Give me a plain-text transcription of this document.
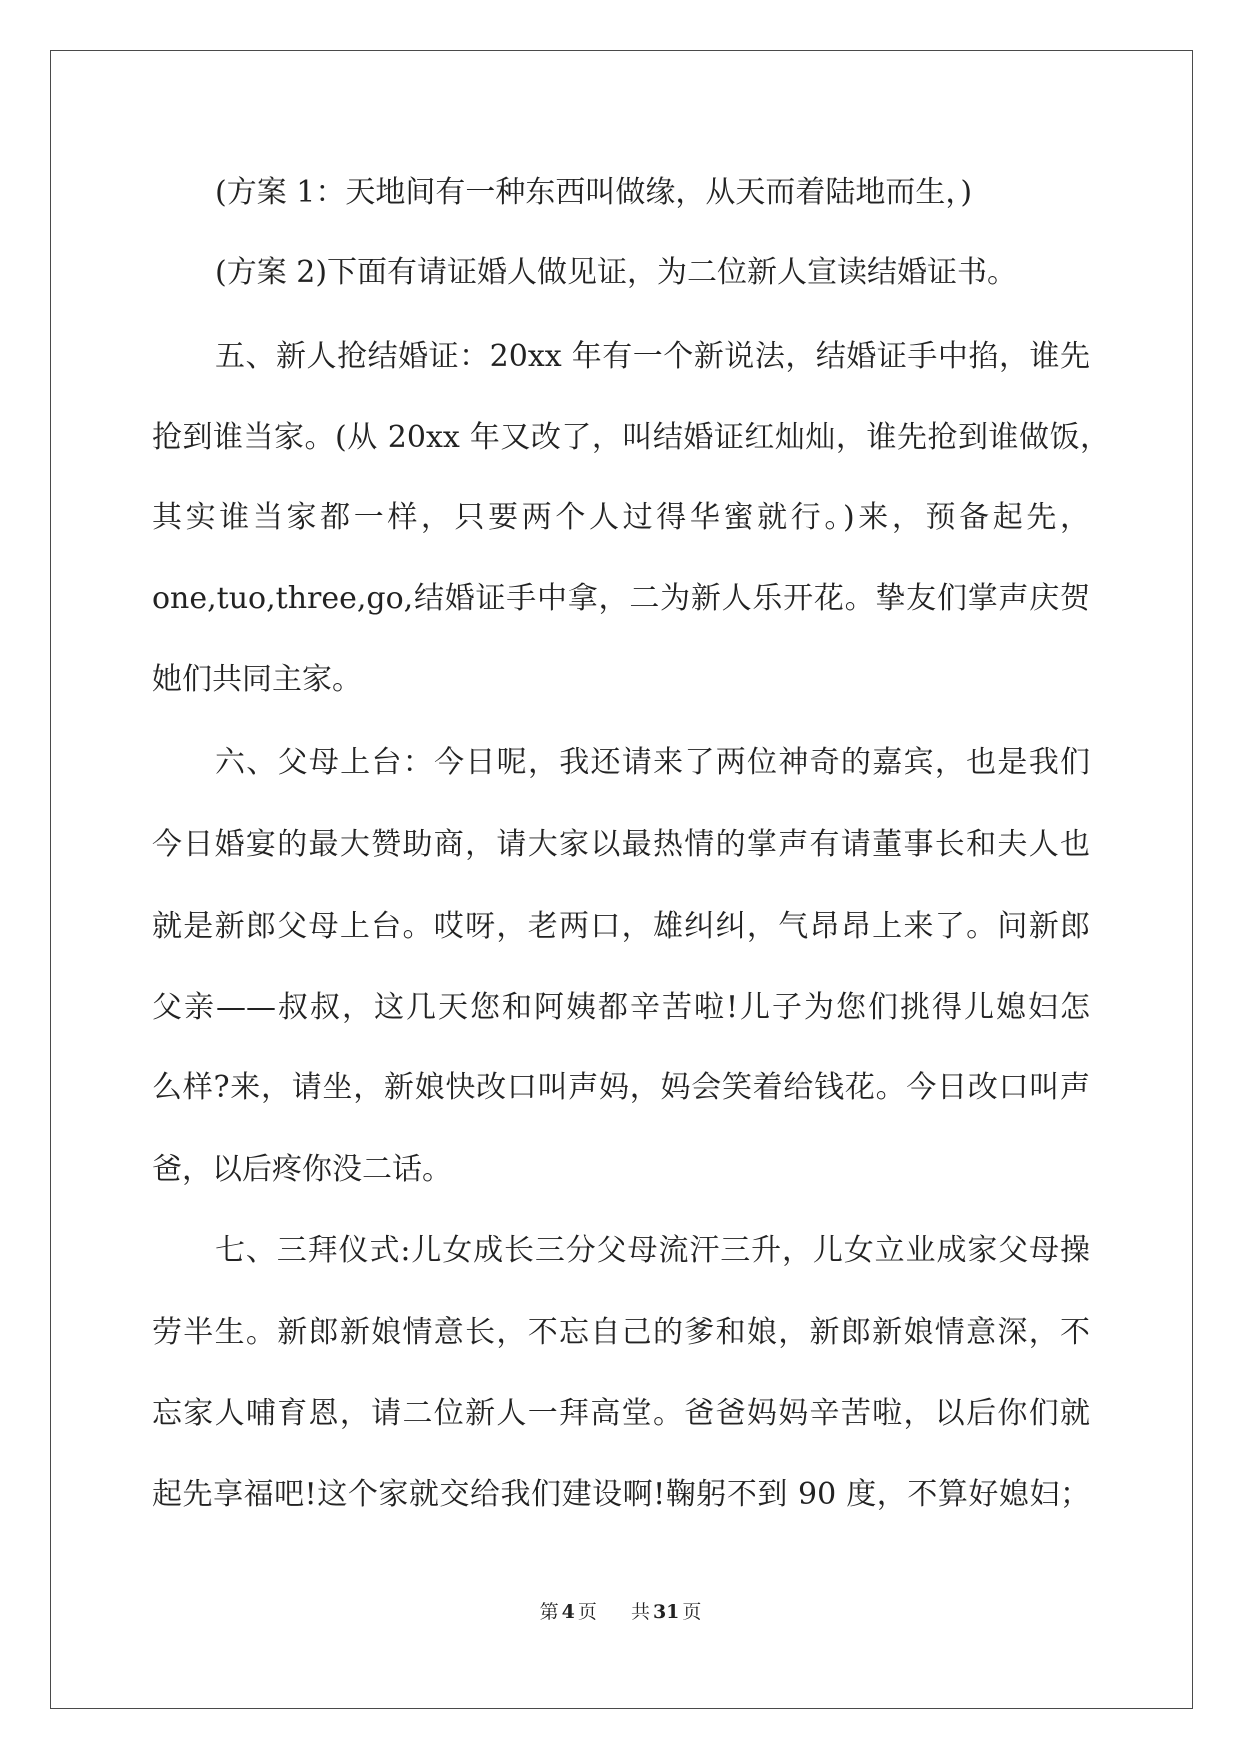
(方案 1：天地间有一种东西叫做缘，从天而着陆地而生，)
(方案 2)下面有请证婚人做见证，为二位新人宣读结婚证书。
五、新人抢结婚证：20xx 年有一个新说法，结婚证手中掐，谁先
抢到谁当家。(从 20xx 年又改了，叫结婚证红灿灿，谁先抢到谁做饭，
其实谁当家都一样，只要两个人过得华蜜就行。)来，预备起先，
one,tuo,three,go,结婚证手中拿，二为新人乐开花。挚友们掌声庆贺
她们共同主家。
六、父母上台：今日呢，我还请来了两位神奇的嘉宾，也是我们
今日婚宴的最大赞助商，请大家以最热情的掌声有请董事长和夫人也
就是新郎父母上台。哎呀，老两口，雄纠纠，气昂昂上来了。问新郎
父亲——叔叔，这几天您和阿姨都辛苦啦!儿子为您们挑得儿媳妇怎
么样?来，请坐，新娘快改口叫声妈，妈会笑着给钱花。今日改口叫声
爸，以后疼你没二话。
七、三拜仪式:儿女成长三分父母流汗三升，儿女立业成家父母操
劳半生。新郎新娘情意长，不忘自己的爹和娘，新郎新娘情意深，不
忘家人哺育恩，请二位新人一拜高堂。爸爸妈妈辛苦啦，以后你们就
起先享福吧!这个家就交给我们建设啊!鞠躬不到 90 度，不算好媳妇；
第 4 页 共 31 页
